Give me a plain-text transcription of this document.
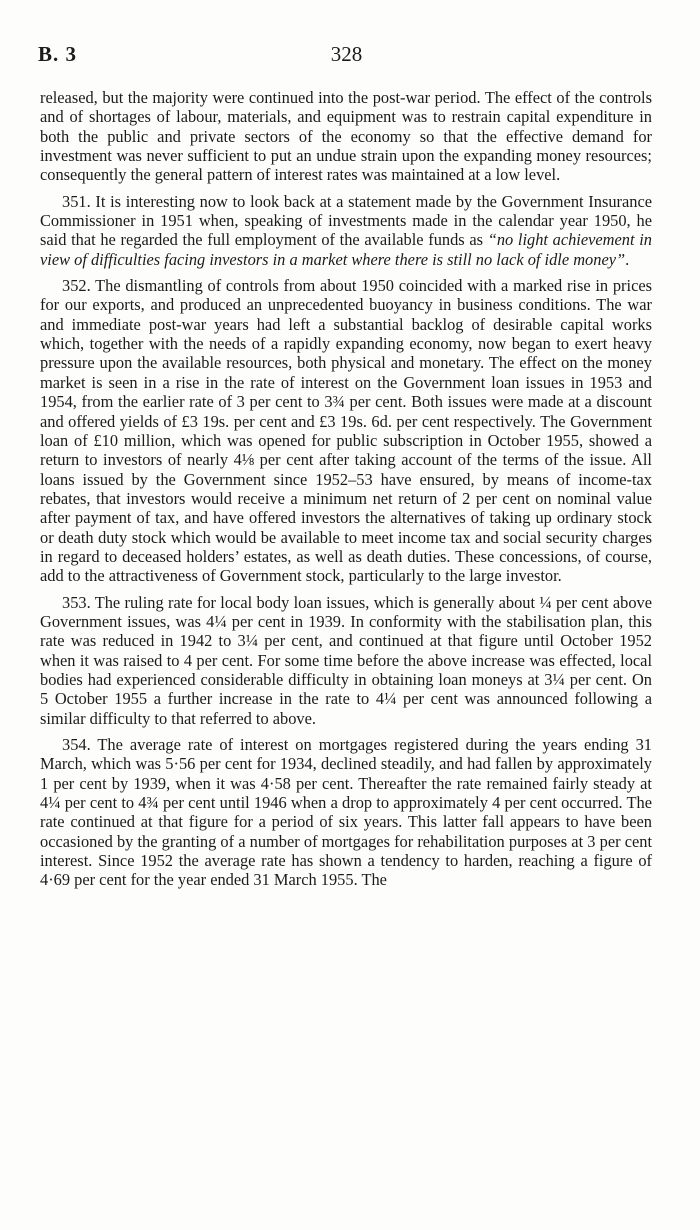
B. 3	328

released, but the majority were continued into the post-war period. The effect of the controls and of shortages of labour, materials, and equipment was to restrain capital expenditure in both the public and private sectors of the economy so that the effective demand for investment was never sufficient to put an undue strain upon the expanding money resources; consequently the general pattern of interest rates was maintained at a low level.

351. It is interesting now to look back at a statement made by the Government Insurance Commissioner in 1951 when, speaking of investments made in the calendar year 1950, he said that he regarded the full employment of the available funds as “no light achievement in view of difficulties facing investors in a market where there is still no lack of idle money”.

352. The dismantling of controls from about 1950 coincided with a marked rise in prices for our exports, and produced an unprecedented buoyancy in business conditions. The war and immediate post-war years had left a substantial backlog of desirable capital works which, together with the needs of a rapidly expanding economy, now began to exert heavy pressure upon the available resources, both physical and monetary. The effect on the money market is seen in a rise in the rate of interest on the Government loan issues in 1953 and 1954, from the earlier rate of 3 per cent to 3¾ per cent. Both issues were made at a discount and offered yields of £3 19s. per cent and £3 19s. 6d. per cent respectively. The Government loan of £10 million, which was opened for public subscription in October 1955, showed a return to investors of nearly 4⅛ per cent after taking account of the terms of the issue. All loans issued by the Government since 1952–53 have ensured, by means of income-tax rebates, that investors would receive a minimum net return of 2 per cent on nominal value after payment of tax, and have offered investors the alternatives of taking up ordinary stock or death duty stock which would be available to meet income tax and social security charges in regard to deceased holders’ estates, as well as death duties. These concessions, of course, add to the attractiveness of Government stock, particularly to the large investor.

353. The ruling rate for local body loan issues, which is generally about ¼ per cent above Government issues, was 4¼ per cent in 1939. In conformity with the stabilisation plan, this rate was reduced in 1942 to 3¼ per cent, and continued at that figure until October 1952 when it was raised to 4 per cent. For some time before the above increase was effected, local bodies had experienced considerable difficulty in obtaining loan moneys at 3¼ per cent. On 5 October 1955 a further increase in the rate to 4¼ per cent was announced following a similar difficulty to that referred to above.

354. The average rate of interest on mortgages registered during the years ending 31 March, which was 5·56 per cent for 1934, declined steadily, and had fallen by approximately 1 per cent by 1939, when it was 4·58 per cent. Thereafter the rate remained fairly steady at 4¼ per cent to 4¾ per cent until 1946 when a drop to approximately 4 per cent occurred. The rate continued at that figure for a period of six years. This latter fall appears to have been occasioned by the granting of a number of mortgages for rehabilitation purposes at 3 per cent interest. Since 1952 the average rate has shown a tendency to harden, reaching a figure of 4·69 per cent for the year ended 31 March 1955. The
